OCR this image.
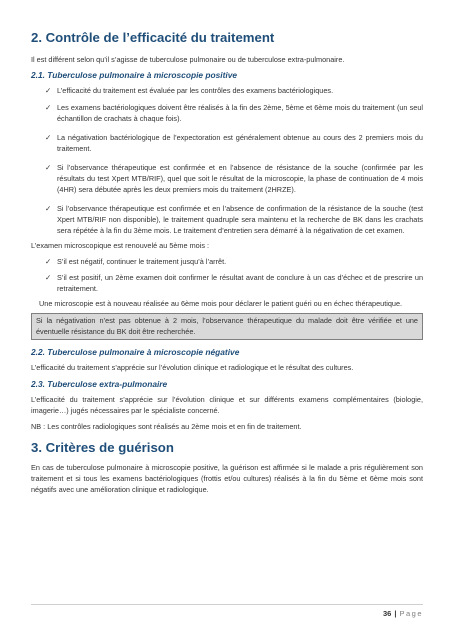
2. Contrôle de l’efficacité du traitement
Il est différent selon qu’il s’agisse de tuberculose pulmonaire ou de tuberculose extra-pulmonaire.
2.1. Tuberculose pulmonaire à microscopie positive
✓ L’efficacité du traitement est évaluée par les contrôles des examens bactériologiques.
✓ Les examens bactériologiques doivent être réalisés à la fin des 2ème, 5ème et 6ème mois du traitement (un seul échantillon de crachats à chaque fois).
✓ La négativation bactériologique de l’expectoration est généralement obtenue au cours des 2 premiers mois du traitement.
✓ Si l’observance thérapeutique est confirmée et en l’absence de résistance de la souche (confirmée par les résultats du test Xpert MTB/RIF), quel que soit le résultat de la microscopie, la phase de continuation de 4 mois (4HR) sera débutée après les deux premiers mois du traitement (2HRZE).
✓ Si l’observance thérapeutique est confirmée et en l’absence de confirmation de la résistance de la souche (test Xpert MTB/RIF non disponible), le traitement quadruple sera maintenu et la recherche de BK dans les crachats sera répétée à la fin du 3ème mois. Le traitement d’entretien sera démarré à la négativation de cet examen.
L’examen microscopique est renouvelé au 5ème mois :
✓ S’il est négatif, continuer le traitement jusqu’à l’arrêt.
✓ S’il est positif, un 2ème examen doit confirmer le résultat avant de conclure à un cas d’échec et de prescrire un retraitement.
Une microscopie est à nouveau réalisée au 6ème mois pour déclarer le patient guéri ou en échec thérapeutique.
Si la négativation n’est pas obtenue à 2 mois, l’observance thérapeutique du malade doit être vérifiée et une éventuelle résistance du BK doit être recherchée.
2.2. Tuberculose pulmonaire à microscopie négative
L’efficacité du traitement s’apprécie sur l’évolution clinique et radiologique et le résultat des cultures.
2.3. Tuberculose extra-pulmonaire
L’efficacité du traitement s’apprécie sur l’évolution clinique et sur différents examens complémentaires (biologie, imagerie…) jugés nécessaires par le spécialiste concerné.
NB : Les contrôles radiologiques sont réalisés au 2ème mois et en fin de traitement.
3. Critères de guérison
En cas de tuberculose pulmonaire à microscopie positive, la guérison est affirmée si le malade a pris régulièrement son traitement et si tous les examens bactériologiques (frottis et/ou cultures) réalisés à la fin du 5ème et 6ème mois sont négatifs avec une amélioration clinique et radiologique.
36 | Page
